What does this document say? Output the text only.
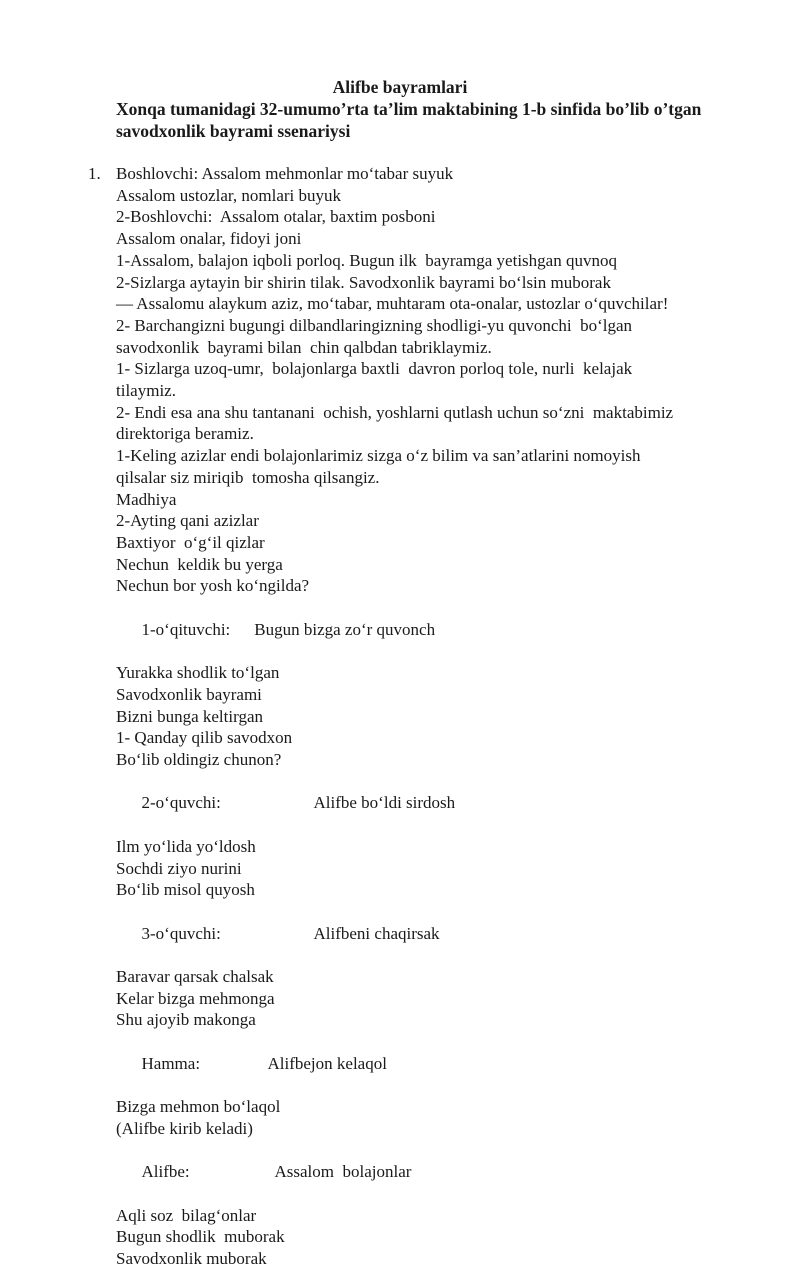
Alifbe bayramlari

Xonqa tumanidagi 32-umumo’rta ta’lim maktabining 1-b sinfida bo’lib o’tgan savodxonlik bayrami ssenariysi

1. Boshlovchi: Assalom mehmonlar mo‘tabar suyuk
Assalom ustozlar, nomlari buyuk
2-Boshlovchi:  Assalom otalar, baxtim posboni
Assalom onalar, fidoyi joni
1-Assalom, balajon iqboli porloq. Bugun ilk  bayramga yetishgan quvnoq
2-Sizlarga aytayin bir shirin tilak. Savodxonlik bayrami bo‘lsin muborak
— Assalomu alaykum aziz, mo‘tabar, muhtaram ota-onalar, ustozlar o‘quvchilar!
2- Barchangizni bugungi dilbandlaringizning shodligi-yu quvonchi  bo‘lgan
savodxonlik  bayrami bilan  chin qalbdan tabriklaymiz.
1- Sizlarga uzoq-umr,  bolajonlarga baxtli  davron porloq tole, nurli  kelajak
tilaymiz.
2- Endi esa ana shu tantanani  ochish, yoshlarni qutlash uchun so‘zni  maktabimiz
direktoriga beramiz.
1-Keling azizlar endi bolajonlarimiz sizga o‘z bilim va san’atlarini nomoyish
qilsalar siz miriqib  tomosha qilsangiz.
Madhiya
2-Ayting qani azizlar
Baxtiyor  o‘g‘il qizlar
Nechun  keldik bu yerga
Nechun bor yosh ko‘ngilda?

1-o‘qituvchi: Bugun bizga zo‘r quvonch

Yurakka shodlik to‘lgan
Savodxonlik bayrami
Bizni bunga keltirgan
1- Qanday qilib savodxon
Bo‘lib oldingiz chunon?

2-o‘quvchi:	Alifbe bo‘ldi sirdosh

Ilm yo‘lida yo‘ldosh
Sochdi ziyo nurini
Bo‘lib misol quyosh

3-o‘quvchi:	Alifbeni chaqirsak

Baravar qarsak chalsak
Kelar bizga mehmonga
Shu ajoyib makonga

Hamma:	Alifbejon kelaqol

Bizga mehmon bo‘laqol
(Alifbe kirib keladi)

Alifbe:	Assalom  bolajonlar

Aqli soz  bilag‘onlar
Bugun shodlik  muborak
Savodxonlik muborak
